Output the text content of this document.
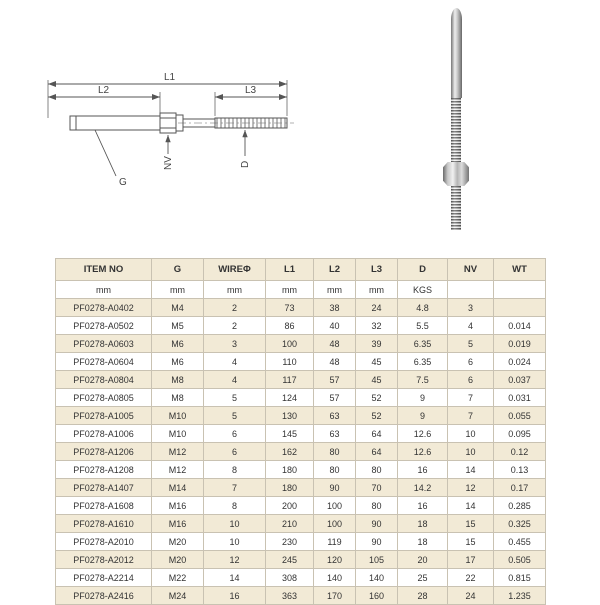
L1
L2	L3
G
NV	D
ITEM NO	G	WIREΦ	L1	L2	L3	D	NV	WT
mm	mm	mm	mm	mm	mm	KGS		
PF0278-A0402	M4	2	73	38	24	4.8	3	
PF0278-A0502	M5	2	86	40	32	5.5	4	0.014
PF0278-A0603	M6	3	100	48	39	6.35	5	0.019
PF0278-A0604	M6	4	110	48	45	6.35	6	0.024
PF0278-A0804	M8	4	117	57	45	7.5	6	0.037
PF0278-A0805	M8	5	124	57	52	9	7	0.031
PF0278-A1005	M10	5	130	63	52	9	7	0.055
PF0278-A1006	M10	6	145	63	64	12.6	10	0.095
PF0278-A1206	M12	6	162	80	64	12.6	10	0.12
PF0278-A1208	M12	8	180	80	80	16	14	0.13
PF0278-A1407	M14	7	180	90	70	14.2	12	0.17
PF0278-A1608	M16	8	200	100	80	16	14	0.285
PF0278-A1610	M16	10	210	100	90	18	15	0.325
PF0278-A2010	M20	10	230	119	90	18	15	0.455
PF0278-A2012	M20	12	245	120	105	20	17	0.505
PF0278-A2214	M22	14	308	140	140	25	22	0.815
PF0278-A2416	M24	16	363	170	160	28	24	1.235
